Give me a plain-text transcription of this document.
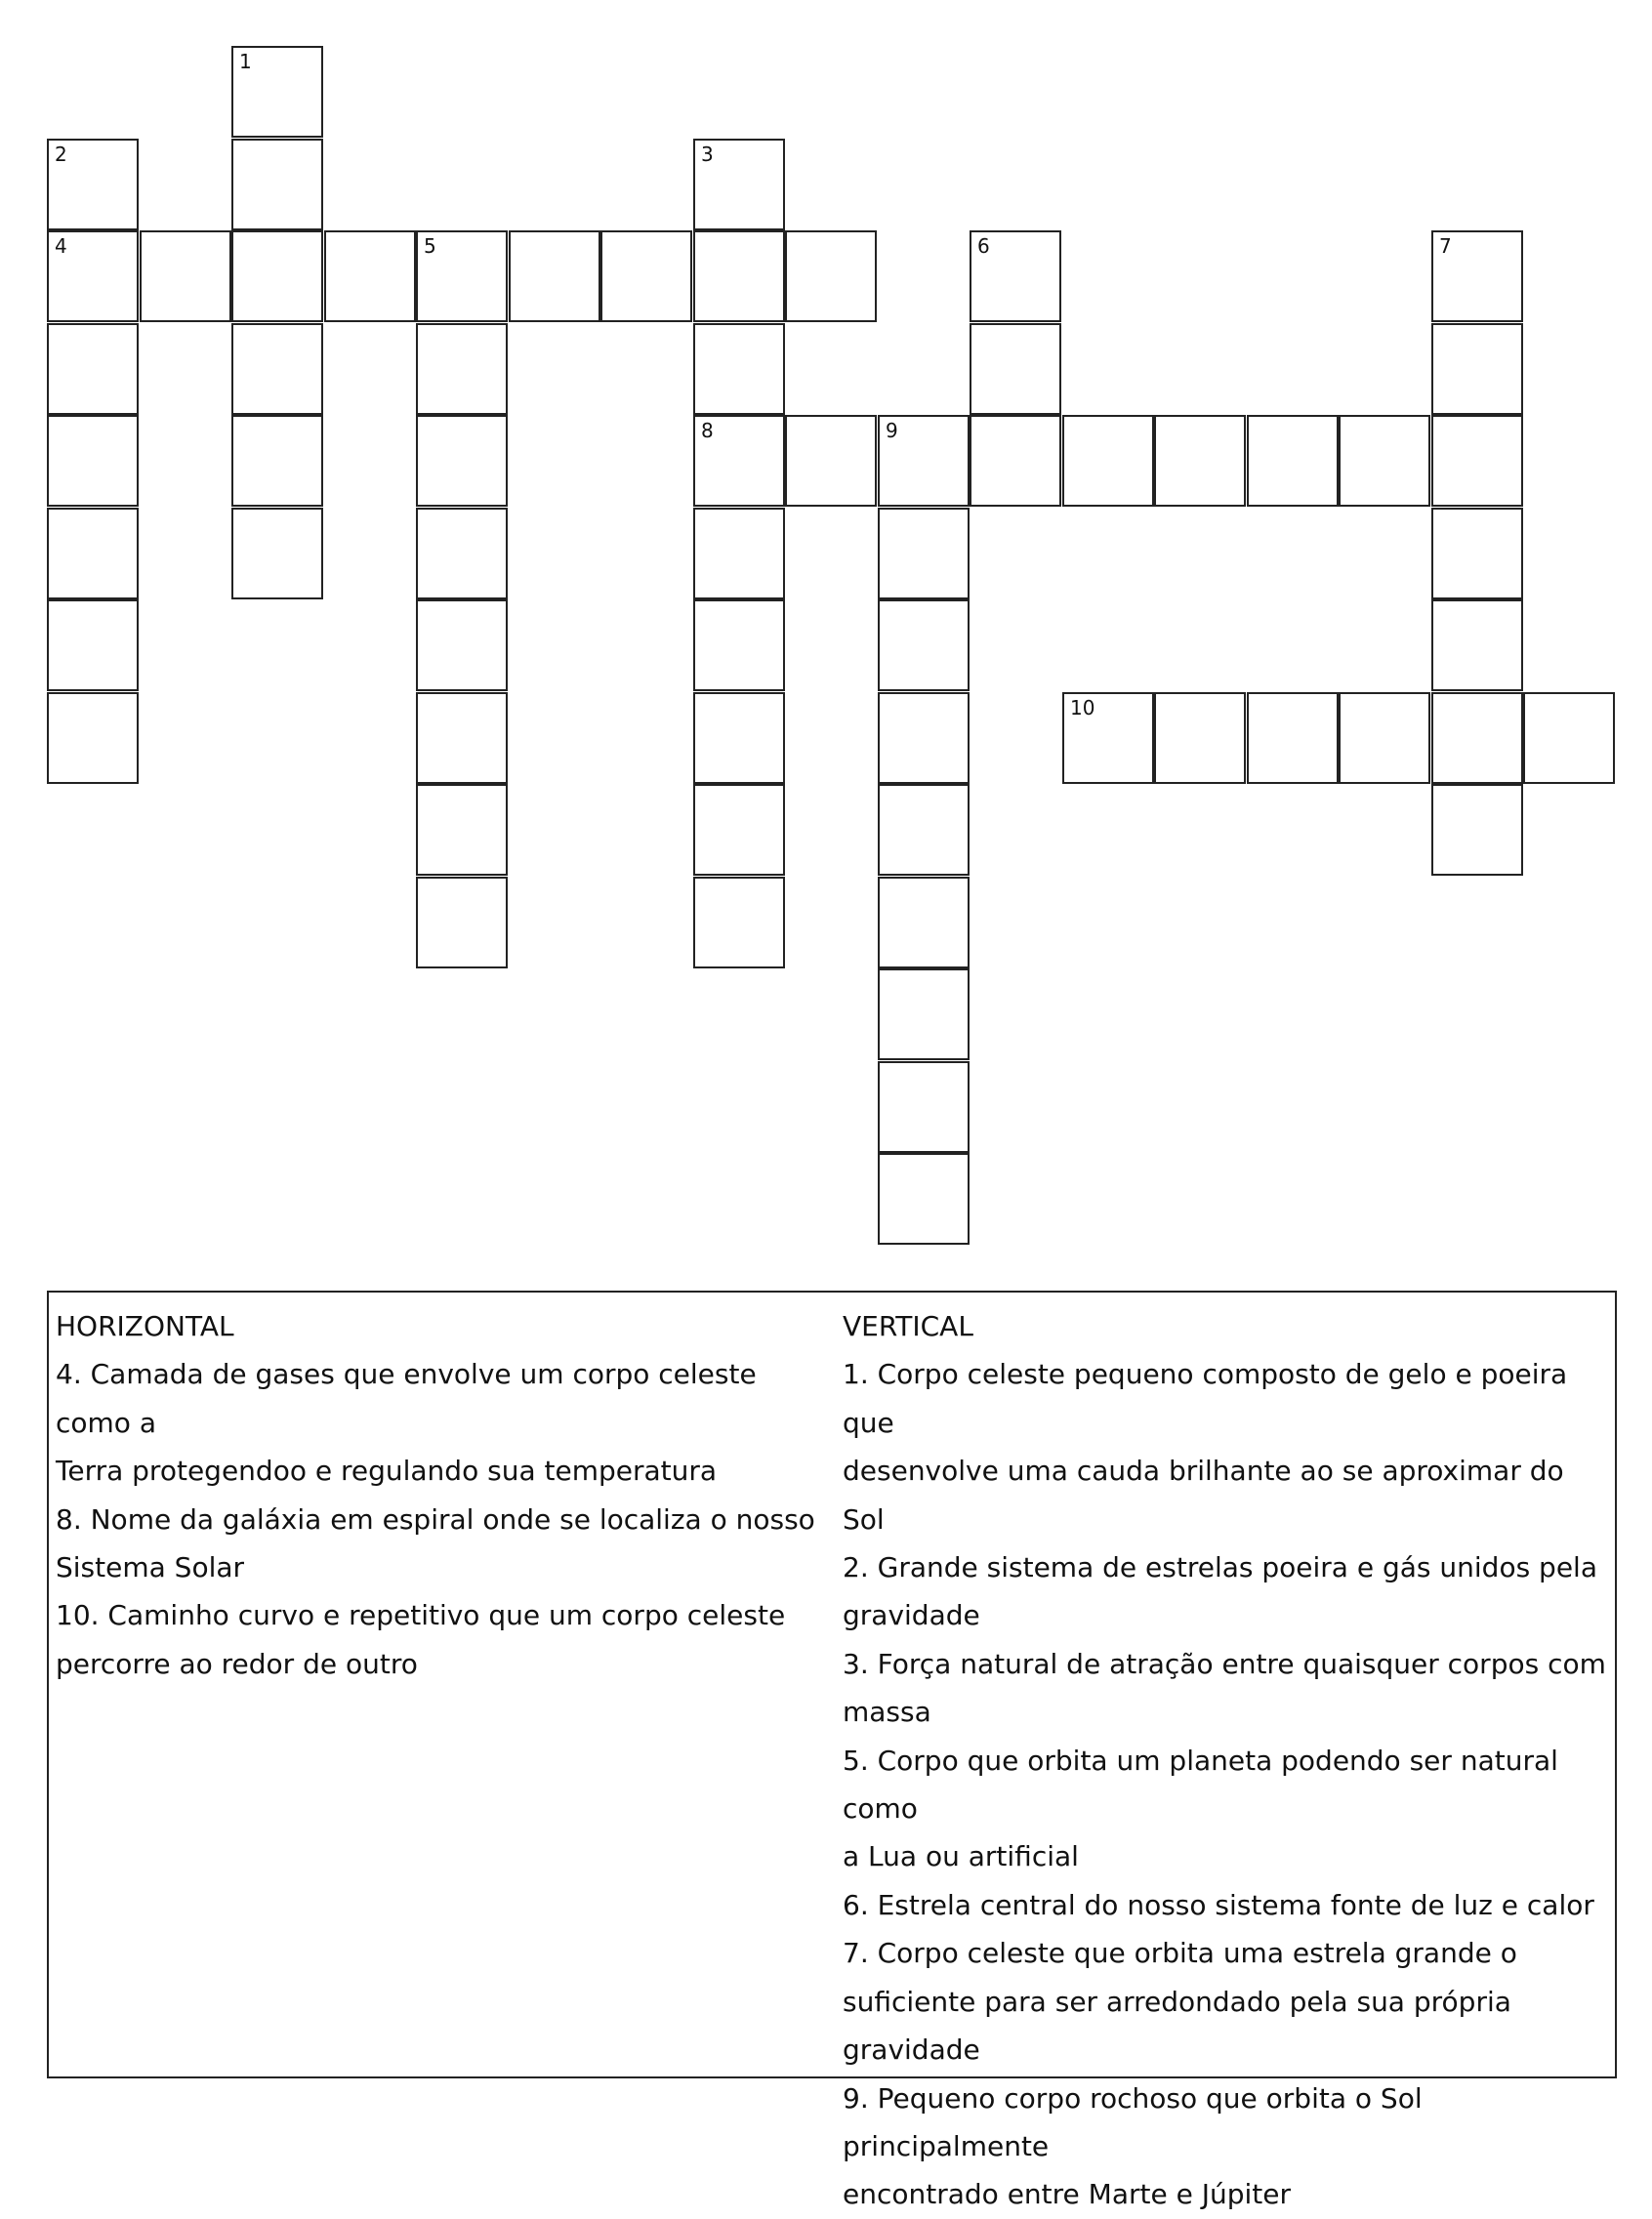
1
2	3
4	5	6	7
8	9
10

HORIZONTAL

4. Camada de gases que envolve um corpo celeste como a

Terra protegendoo e regulando sua temperatura

8. Nome da galáxia em espiral onde se localiza o nosso

Sistema Solar

10. Caminho curvo e repetitivo que um corpo celeste

percorre ao redor de outro

VERTICAL

1. Corpo celeste pequeno composto de gelo e poeira que

desenvolve uma cauda brilhante ao se aproximar do Sol

2. Grande sistema de estrelas poeira e gás unidos pela

gravidade

3. Força natural de atração entre quaisquer corpos com

massa

5. Corpo que orbita um planeta podendo ser natural como

a Lua ou artificial

6. Estrela central do nosso sistema fonte de luz e calor

7. Corpo celeste que orbita uma estrela grande o

suficiente para ser arredondado pela sua própria

gravidade

9. Pequeno corpo rochoso que orbita o Sol principalmente

encontrado entre Marte e Júpiter
